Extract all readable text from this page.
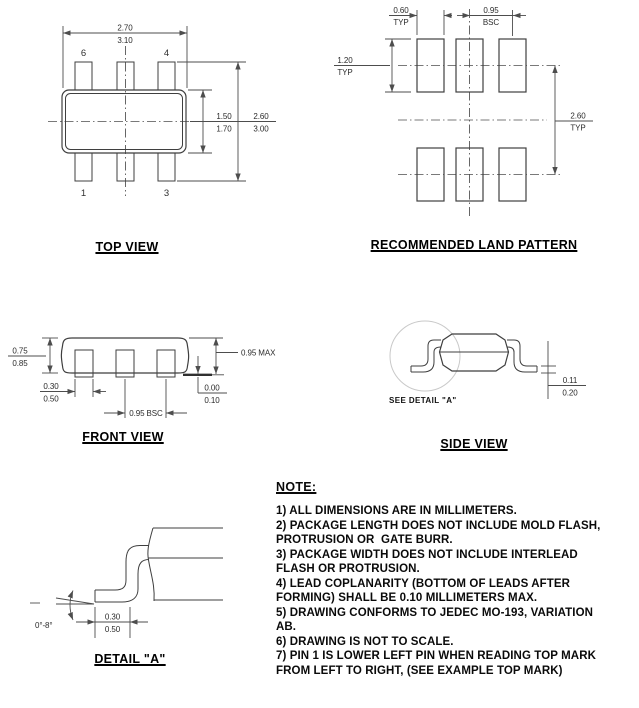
6	4
1	3
2.70
3.10
1.50
1.70
2.60
3.00
0.60
TYP
0.95
BSC
1.20
TYP
2.60
TYP
0.75
0.85
0.30
0.50
0.95 BSC
0.00
0.10
0.95 MAX
0.11
0.20
0°-8°
0.30
0.50
TOP VIEW	RECOMMENDED LAND PATTERN
FRONT VIEW	SIDE VIEW
DETAIL "A"
SEE DETAIL "A"
NOTE:
1) ALL DIMENSIONS ARE IN MILLIMETERS.
2) PACKAGE LENGTH DOES NOT INCLUDE MOLD FLASH,
PROTRUSION OR  GATE BURR.
3) PACKAGE WIDTH DOES NOT INCLUDE INTERLEAD
FLASH OR PROTRUSION.
4) LEAD COPLANARITY (BOTTOM OF LEADS AFTER
FORMING) SHALL BE 0.10 MILLIMETERS MAX.
5) DRAWING CONFORMS TO JEDEC MO-193, VARIATION
AB.
6) DRAWING IS NOT TO SCALE.
7) PIN 1 IS LOWER LEFT PIN WHEN READING TOP MARK
FROM LEFT TO RIGHT, (SEE EXAMPLE TOP MARK)
